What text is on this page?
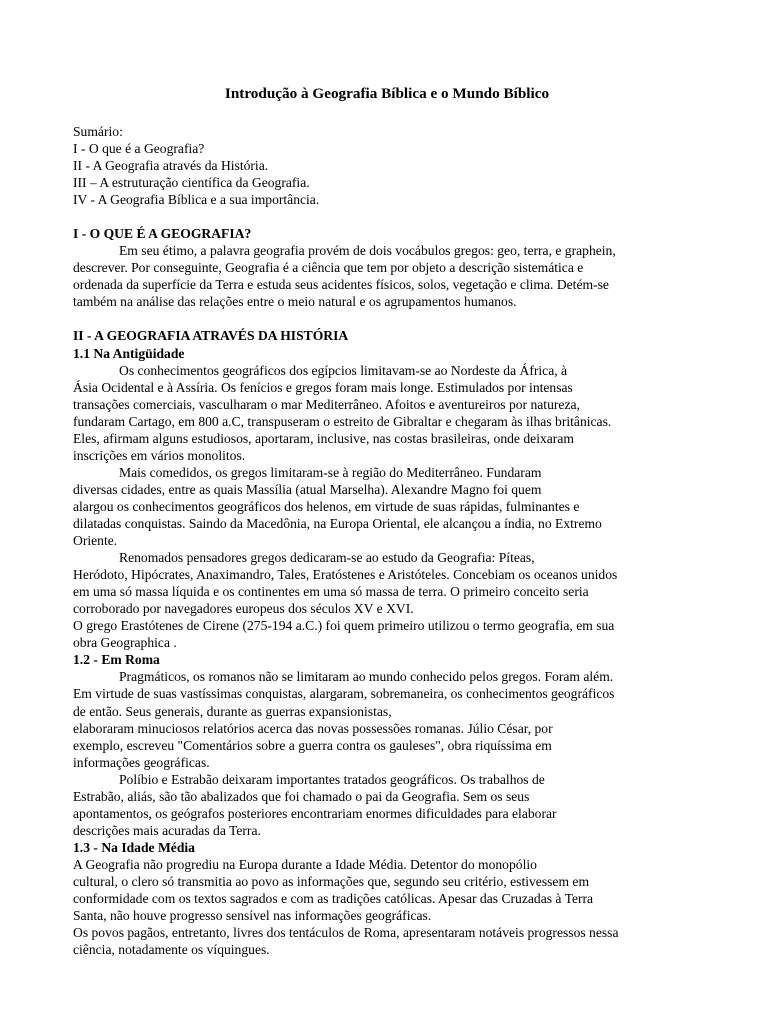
Introdução à Geografia Bíblica e o Mundo Bíblico

Sumário:

I - O que é a Geografia?

II - A Geografia através da História.

III – A estruturação científica da Geografia.

IV - A Geografia Bíblica e a sua importância.

I - O QUE É A GEOGRAFIA?

Em seu étimo, a palavra geografia provém de dois vocábulos gregos: geo, terra, e graphein,
descrever. Por conseguinte, Geografia é a ciência que tem por objeto a descrição sistemática e
ordenada da superfície da Terra e estuda seus acidentes físicos, solos, vegetação e clima. Detém-se
também na análise das relações entre o meio natural e os agrupamentos humanos.

II - A GEOGRAFIA ATRAVÉS DA HISTÓRIA

1.1 Na Antigüidade

Os conhecimentos geográficos dos egípcios limitavam-se ao Nordeste da África, à
Ásia Ocidental e à Assíria. Os fenícios e gregos foram mais longe. Estimulados por intensas
transações comerciais, vasculharam o mar Mediterrâneo. Afoitos e aventureiros por natureza,
fundaram Cartago, em 800 a.C, transpuseram o estreito de Gibraltar e chegaram às ilhas britânicas.
Eles, afirmam alguns estudiosos, aportaram, inclusive, nas costas brasileiras, onde deixaram
inscrições em vários monolitos.
Mais comedidos, os gregos limitaram-se à região do Mediterrâneo. Fundaram
diversas cidades, entre as quais Massília (atual Marselha). Alexandre Magno foi quem
alargou os conhecimentos geográficos dos helenos, em virtude de suas rápidas, fulminantes e
dilatadas conquistas. Saindo da Macedônia, na Europa Oriental, ele alcançou a índia, no Extremo
Oriente.
Renomados pensadores gregos dedicaram-se ao estudo da Geografia: Píteas,
Heródoto, Hipócrates, Anaximandro, Tales, Eratóstenes e Aristóteles. Concebiam os oceanos unidos
em uma só massa líquida e os continentes em uma só massa de terra. O primeiro conceito seria
corroborado por navegadores europeus dos séculos XV e XVI.
O grego Erastótenes de Cirene (275-194 a.C.) foi quem primeiro utilizou o termo geografia, em sua
obra Geographica .

1.2 - Em Roma

Pragmáticos, os romanos não se limitaram ao mundo conhecido pelos gregos. Foram além.
Em virtude de suas vastíssimas conquistas, alargaram, sobremaneira, os conhecimentos geográficos
de então. Seus generais, durante as guerras expansionistas,
elaboraram minuciosos relatórios acerca das novas possessões romanas. Júlio César, por
exemplo, escreveu "Comentários sobre a guerra contra os gauleses", obra riquíssima em
informações geográficas.
Políbio e Estrabão deixaram importantes tratados geográficos. Os trabalhos de
Estrabão, aliás, são tão abalizados que foi chamado o pai da Geografia. Sem os seus
apontamentos, os geógrafos posteriores encontrariam enormes dificuldades para elaborar
descrições mais acuradas da Terra.

1.3 - Na Idade Média

A Geografia não progrediu na Europa durante a Idade Média. Detentor do monopólio
cultural, o clero só transmitia ao povo as informações que, segundo seu critério, estivessem em
conformidade com os textos sagrados e com as tradições católicas. Apesar das Cruzadas à Terra
Santa, não houve progresso sensível nas informações geográficas.
Os povos pagãos, entretanto, livres dos tentáculos de Roma, apresentaram notáveis progressos nessa
ciência, notadamente os víquingues.
